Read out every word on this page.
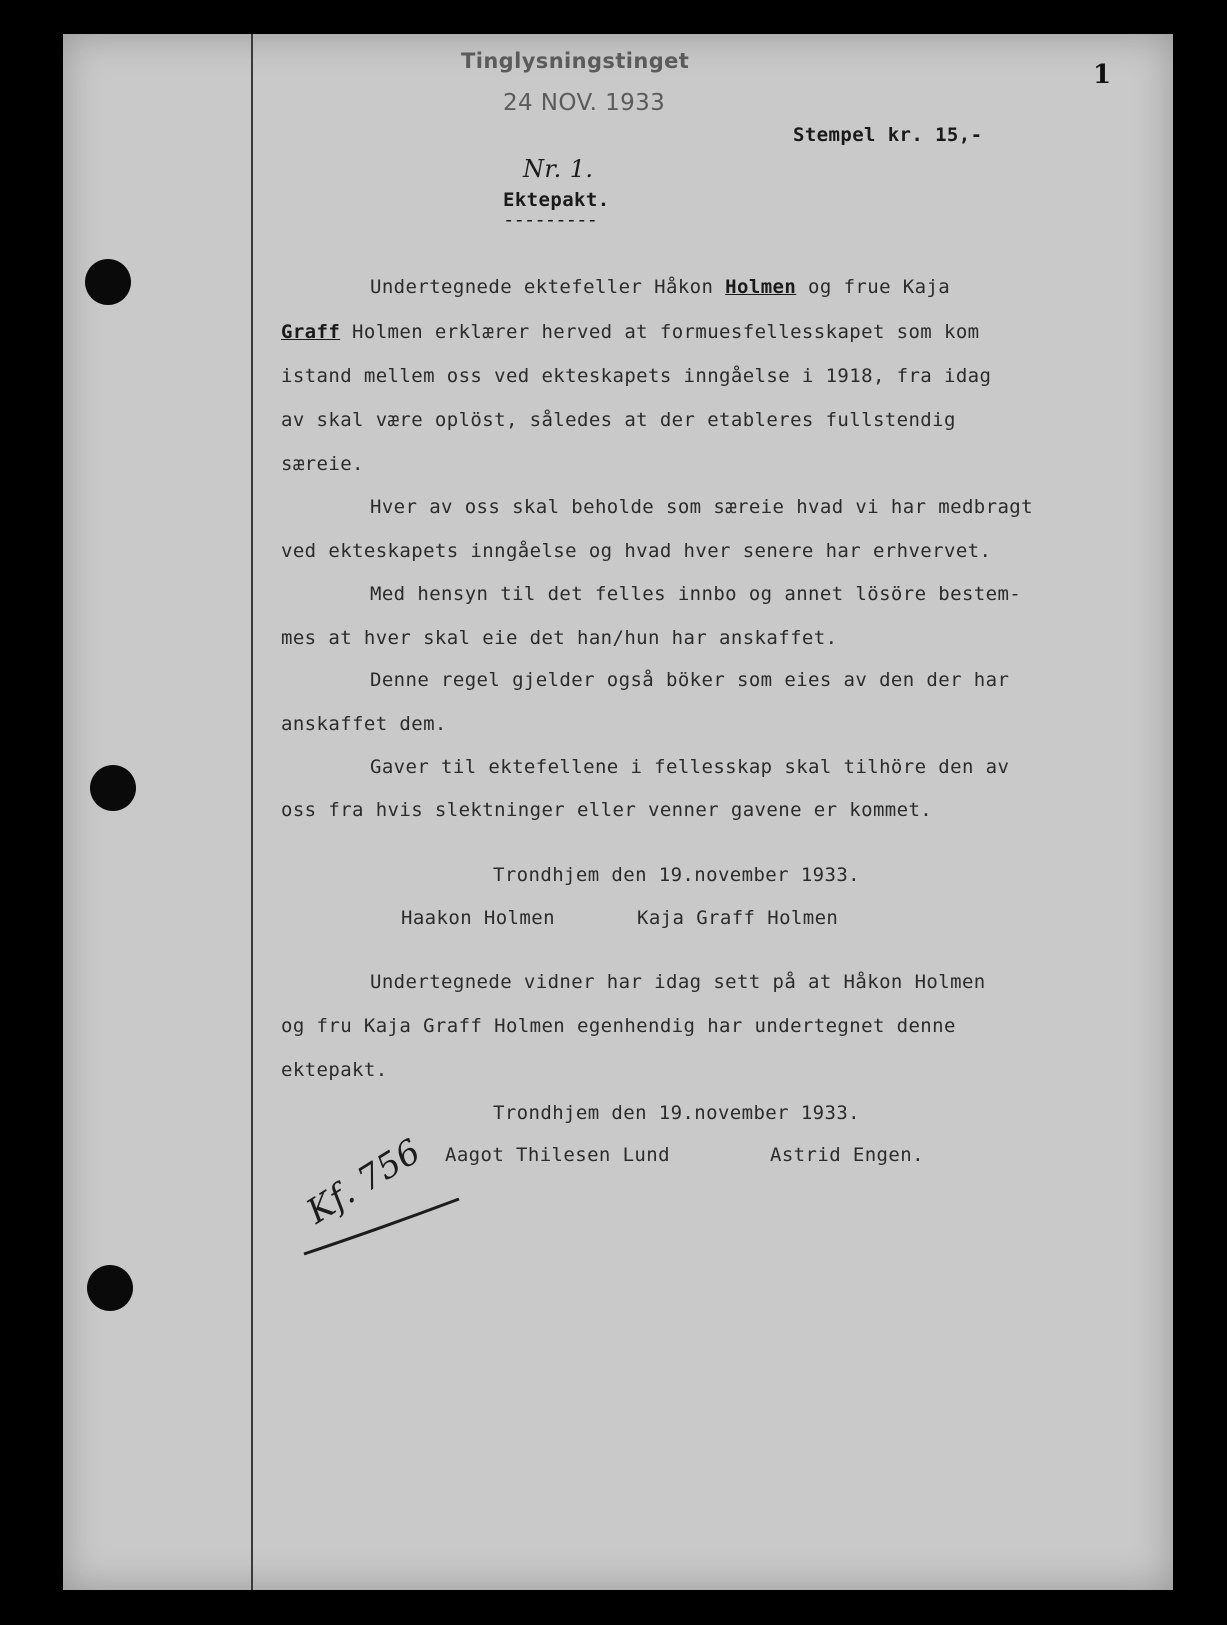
Tinglysningstinget
24 NOV. 1933
1
Stempel kr. 15,-
Nr. 1.
Ektepakt.
---------
Undertegnede ektefeller Håkon Holmen og frue Kaja
Graff Holmen erklærer herved at formuesfellesskapet som kom
istand mellem oss ved ekteskapets inngåelse i 1918, fra idag
av skal være oplöst, således at der etableres fullstendig
særeie.
Hver av oss skal beholde som særeie hvad vi har medbragt
ved ekteskapets inngåelse og hvad hver senere har erhvervet.
Med hensyn til det felles innbo og annet lösöre bestem-
mes at hver skal eie det han/hun har anskaffet.
Denne regel gjelder også böker som eies av den der har
anskaffet dem.
Gaver til ektefellene i fellesskap skal tilhöre den av
oss fra hvis slektninger eller venner gavene er kommet.
Trondhjem den 19.november 1933.
Haakon Holmen	Kaja Graff Holmen
Undertegnede vidner har idag sett på at Håkon Holmen
og fru Kaja Graff Holmen egenhendig har undertegnet denne
ektepakt.
Trondhjem den 19.november 1933.
Aagot Thilesen Lund	Astrid Engen.
Kf. 756
